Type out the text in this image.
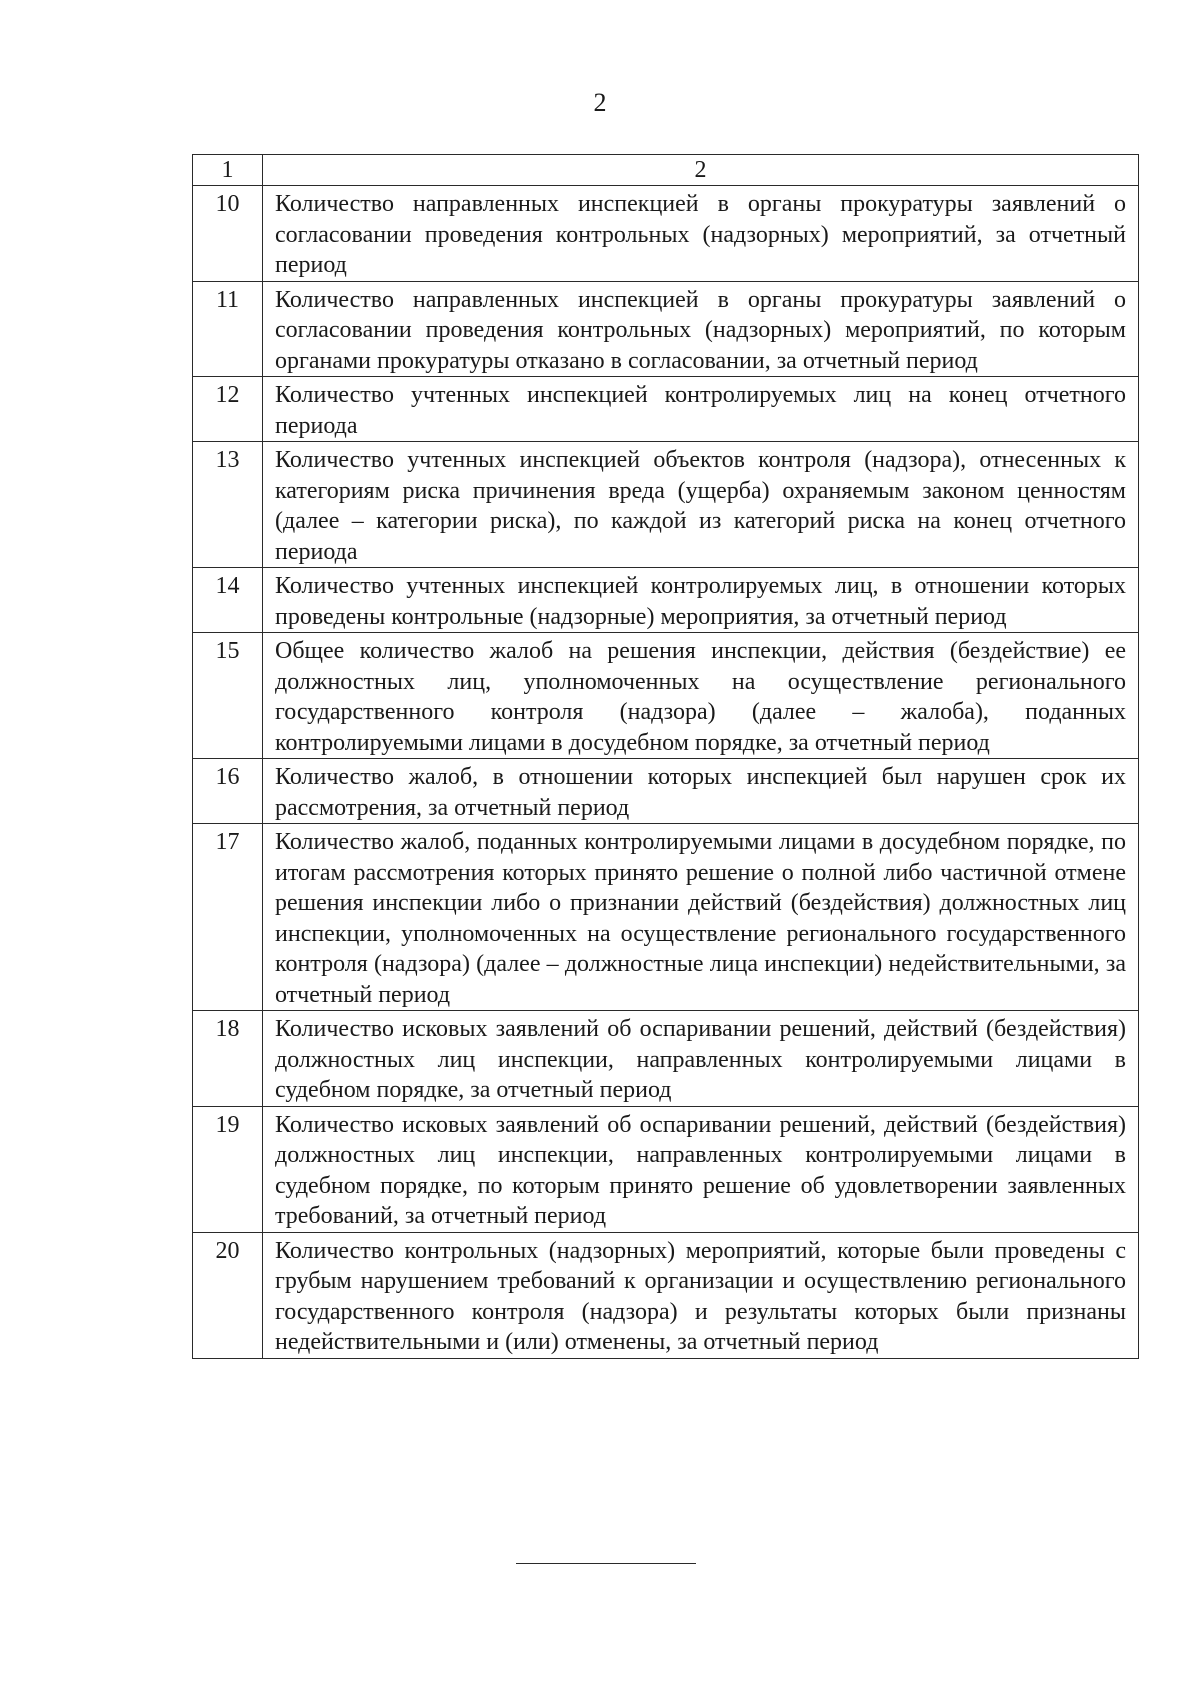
2
1	2
10	Количество направленных инспекцией в органы прокуратуры заявлений о согласовании проведения контрольных (надзорных) мероприятий, за отчетный период
11	Количество направленных инспекцией в органы прокуратуры заявлений о согласовании проведения контрольных (надзорных) мероприятий, по которым органами прокуратуры отказано в согласовании, за отчетный период
12	Количество учтенных инспекцией контролируемых лиц на конец отчетного периода
13	Количество учтенных инспекцией объектов контроля (надзора), отнесенных к категориям риска причинения вреда (ущерба) охраняемым законом ценностям (далее – категории риска), по каждой из категорий риска на конец отчетного периода
14	Количество учтенных инспекцией контролируемых лиц, в отношении которых проведены контрольные (надзорные) мероприятия, за отчетный период
15	Общее количество жалоб на решения инспекции, действия (бездействие) ее должностных лиц, уполномоченных на осуществление регионального государственного контроля (надзора) (далее – жалоба), поданных контролируемыми лицами в досудебном порядке, за отчетный период
16	Количество жалоб, в отношении которых инспекцией был нарушен срок их рассмотрения, за отчетный период
17	Количество жалоб, поданных контролируемыми лицами в досудебном порядке, по итогам рассмотрения которых принято решение о полной либо частичной отмене решения инспекции либо о признании действий (бездействия) должностных лиц инспекции, уполномоченных на осуществление регионального государственного контроля (надзора) (далее – должностные лица инспекции) недействительными, за отчетный период
18	Количество исковых заявлений об оспаривании решений, действий (бездействия) должностных лиц инспекции, направленных контролируемыми лицами в судебном порядке, за отчетный период
19	Количество исковых заявлений об оспаривании решений, действий (бездействия) должностных лиц инспекции, направленных контролируемыми лицами в судебном порядке, по которым принято решение об удовлетворении заявленных требований, за отчетный период
20	Количество контрольных (надзорных) мероприятий, которые были проведены с грубым нарушением требований к организации и осуществлению регионального государственного контроля (надзора) и результаты которых были признаны недействительными и (или) отменены, за отчетный период
